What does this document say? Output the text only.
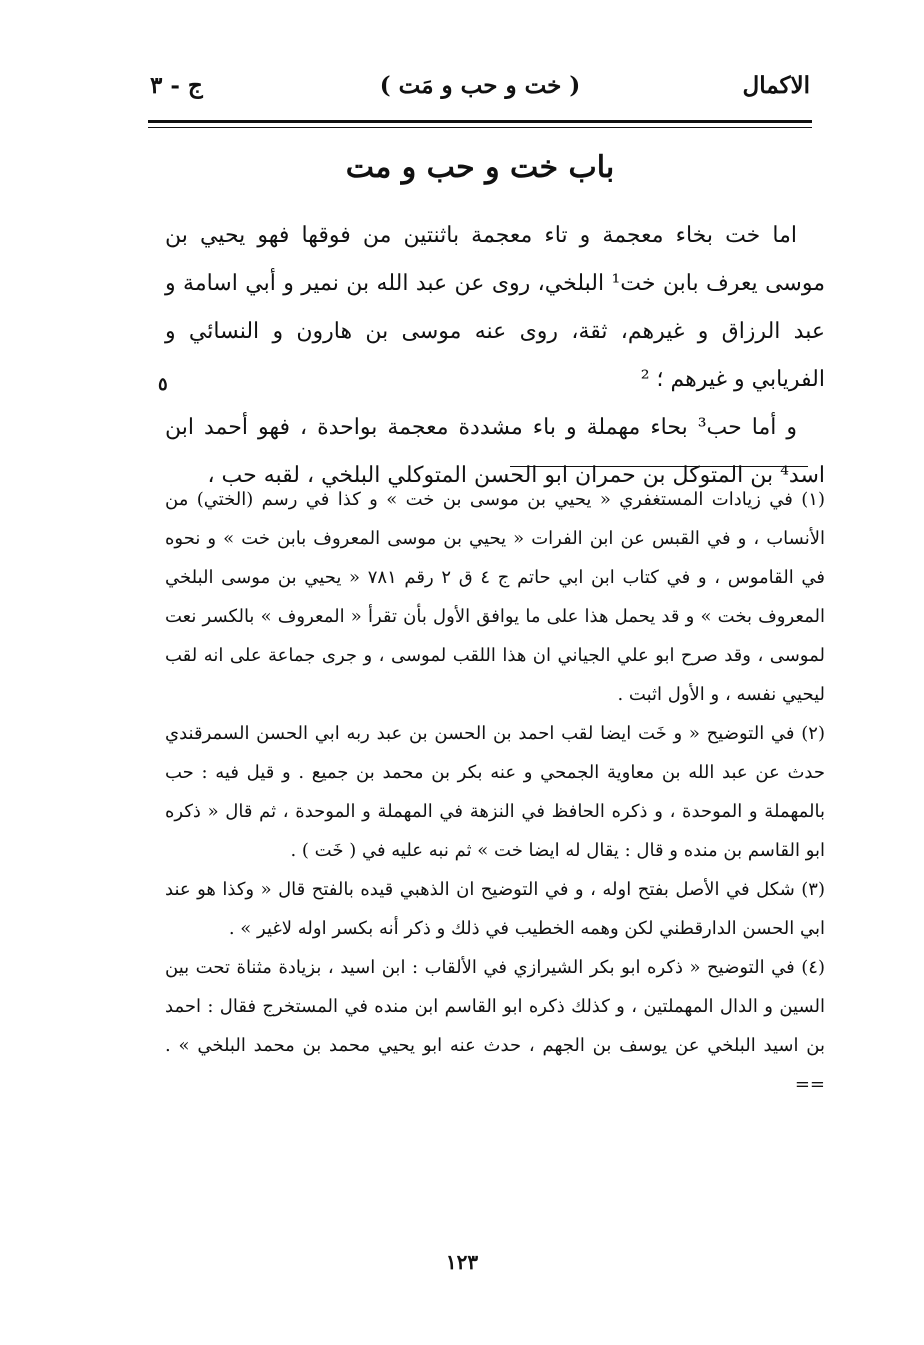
الاكمال
( خت و حب و مَت )
ج - ٣
باب خت و حب و مت

اما خت بخاء معجمة و تاء معجمة باثنتين من فوقها فهو يحيي بن موسى يعرف بابن خت¹ البلخي، روى عن عبد الله بن نمير و أبي اسامة و عبد الرزاق و غيرهم، ثقة، روى عنه موسى بن هارون و النسائي و الفريابي و غيرهم ؛ ²

و أما حب³ بحاء مهملة و باء مشددة معجمة بواحدة ، فهو أحمد ابن اسد⁴ بن المتوكل بن حمران ابو الحسن المتوكلي البلخي ، لقبه حب ،

٥

(١) في زيادات المستغفري « يحيي بن موسى بن خت » و كذا في رسم (الختي) من الأنساب ، و في القبس عن ابن الفرات « يحيي بن موسى المعروف بابن خت » و نحوه في القاموس ، و في كتاب ابن ابي حاتم ج ٤ ق ٢ رقم ٧٨١ « يحيي بن موسى البلخي المعروف بخت » و قد يحمل هذا على ما يوافق الأول بأن تقرأ « المعروف » بالكسر نعت لموسى ، وقد صرح ابو علي الجياني ان هذا اللقب لموسى ، و جرى جماعة على انه لقب ليحيي نفسه ، و الأول اثبت .

(٢) في التوضيح « و خَت ايضا لقب احمد بن الحسن بن عبد ربه ابي الحسن السمرقندي حدث عن عبد الله بن معاوية الجمحي و عنه بكر بن محمد بن جميع . و قيل فيه : حب بالمهملة و الموحدة ، و ذكره الحافظ في النزهة في المهملة و الموحدة ، ثم قال « ذكره ابو القاسم بن منده و قال : يقال له ايضا خت » ثم نبه عليه في ( خَت ) .

(٣) شكل في الأصل بفتح اوله ، و في التوضيح ان الذهبي قيده بالفتح قال « وكذا هو عند ابي الحسن الدارقطني لكن وهمه الخطيب في ذلك و ذكر أنه بكسر اوله لاغير » .

(٤) في التوضيح « ذكره ابو بكر الشيرازي في الألقاب : ابن اسيد ، بزيادة مثناة تحت بين السين و الدال المهملتين ، و كذلك ذكره ابو القاسم ابن منده في المستخرج فقال : احمد بن اسيد البلخي عن يوسف بن الجهم ، حدث عنه ابو يحيي محمد بن محمد البلخي » . ==

١٢٣
